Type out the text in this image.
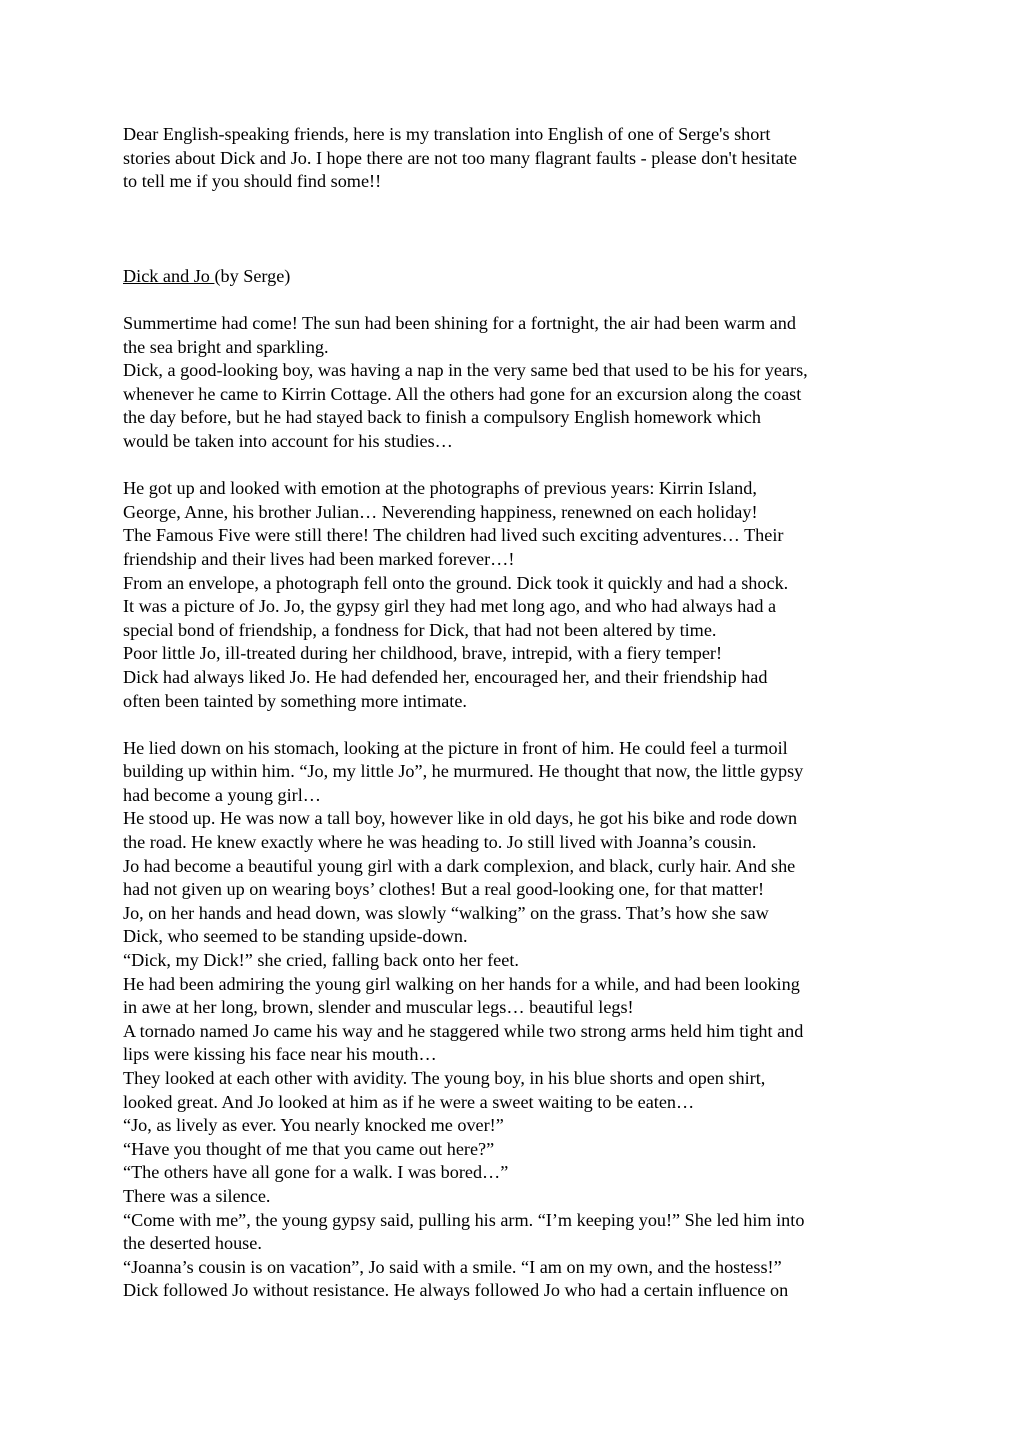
Dear English-speaking friends, here is my translation into English of one of Serge's short
stories about Dick and Jo. I hope there are not too many flagrant faults - please don't hesitate
to tell me if you should find some!!

Dick and Jo (by Serge)

Summertime had come! The sun had been shining for a fortnight, the air had been warm and
the sea bright and sparkling.

Dick, a good-looking boy, was having a nap in the very same bed that used to be his for years,
whenever he came to Kirrin Cottage. All the others had gone for an excursion along the coast
the day before, but he had stayed back to finish a compulsory English homework which
would be taken into account for his studies…

He got up and looked with emotion at the photographs of previous years: Kirrin Island,
George, Anne, his brother Julian… Neverending happiness, renewned on each holiday!

The Famous Five were still there! The children had lived such exciting adventures… Their
friendship and their lives had been marked forever…!

From an envelope, a photograph fell onto the ground. Dick took it quickly and had a shock.

It was a picture of Jo. Jo, the gypsy girl they had met long ago, and who had always had a
special bond of friendship, a fondness for Dick, that had not been altered by time.

Poor little Jo, ill-treated during her childhood, brave, intrepid, with a fiery temper!

Dick had always liked Jo. He had defended her, encouraged her, and their friendship had
often been tainted by something more intimate.

He lied down on his stomach, looking at the picture in front of him. He could feel a turmoil
building up within him. “Jo, my little Jo”, he murmured. He thought that now, the little gypsy
had become a young girl…

He stood up. He was now a tall boy, however like in old days, he got his bike and rode down
the road. He knew exactly where he was heading to. Jo still lived with Joanna’s cousin.

Jo had become a beautiful young girl with a dark complexion, and black, curly hair. And she
had not given up on wearing boys’ clothes! But a real good-looking one, for that matter!

Jo, on her hands and head down, was slowly “walking” on the grass. That’s how she saw
Dick, who seemed to be standing upside-down.

“Dick, my Dick!” she cried, falling back onto her feet.

He had been admiring the young girl walking on her hands for a while, and had been looking
in awe at her long, brown, slender and muscular legs… beautiful legs!

A tornado named Jo came his way and he staggered while two strong arms held him tight and
lips were kissing his face near his mouth…

They looked at each other with avidity. The young boy, in his blue shorts and open shirt,
looked great. And Jo looked at him as if he were a sweet waiting to be eaten…

“Jo, as lively as ever. You nearly knocked me over!”

“Have you thought of me that you came out here?”

“The others have all gone for a walk. I was bored…”

There was a silence.

“Come with me”, the young gypsy said, pulling his arm. “I’m keeping you!” She led him into
the deserted house.

“Joanna’s cousin is on vacation”, Jo said with a smile. “I am on my own, and the hostess!”

Dick followed Jo without resistance. He always followed Jo who had a certain influence on
